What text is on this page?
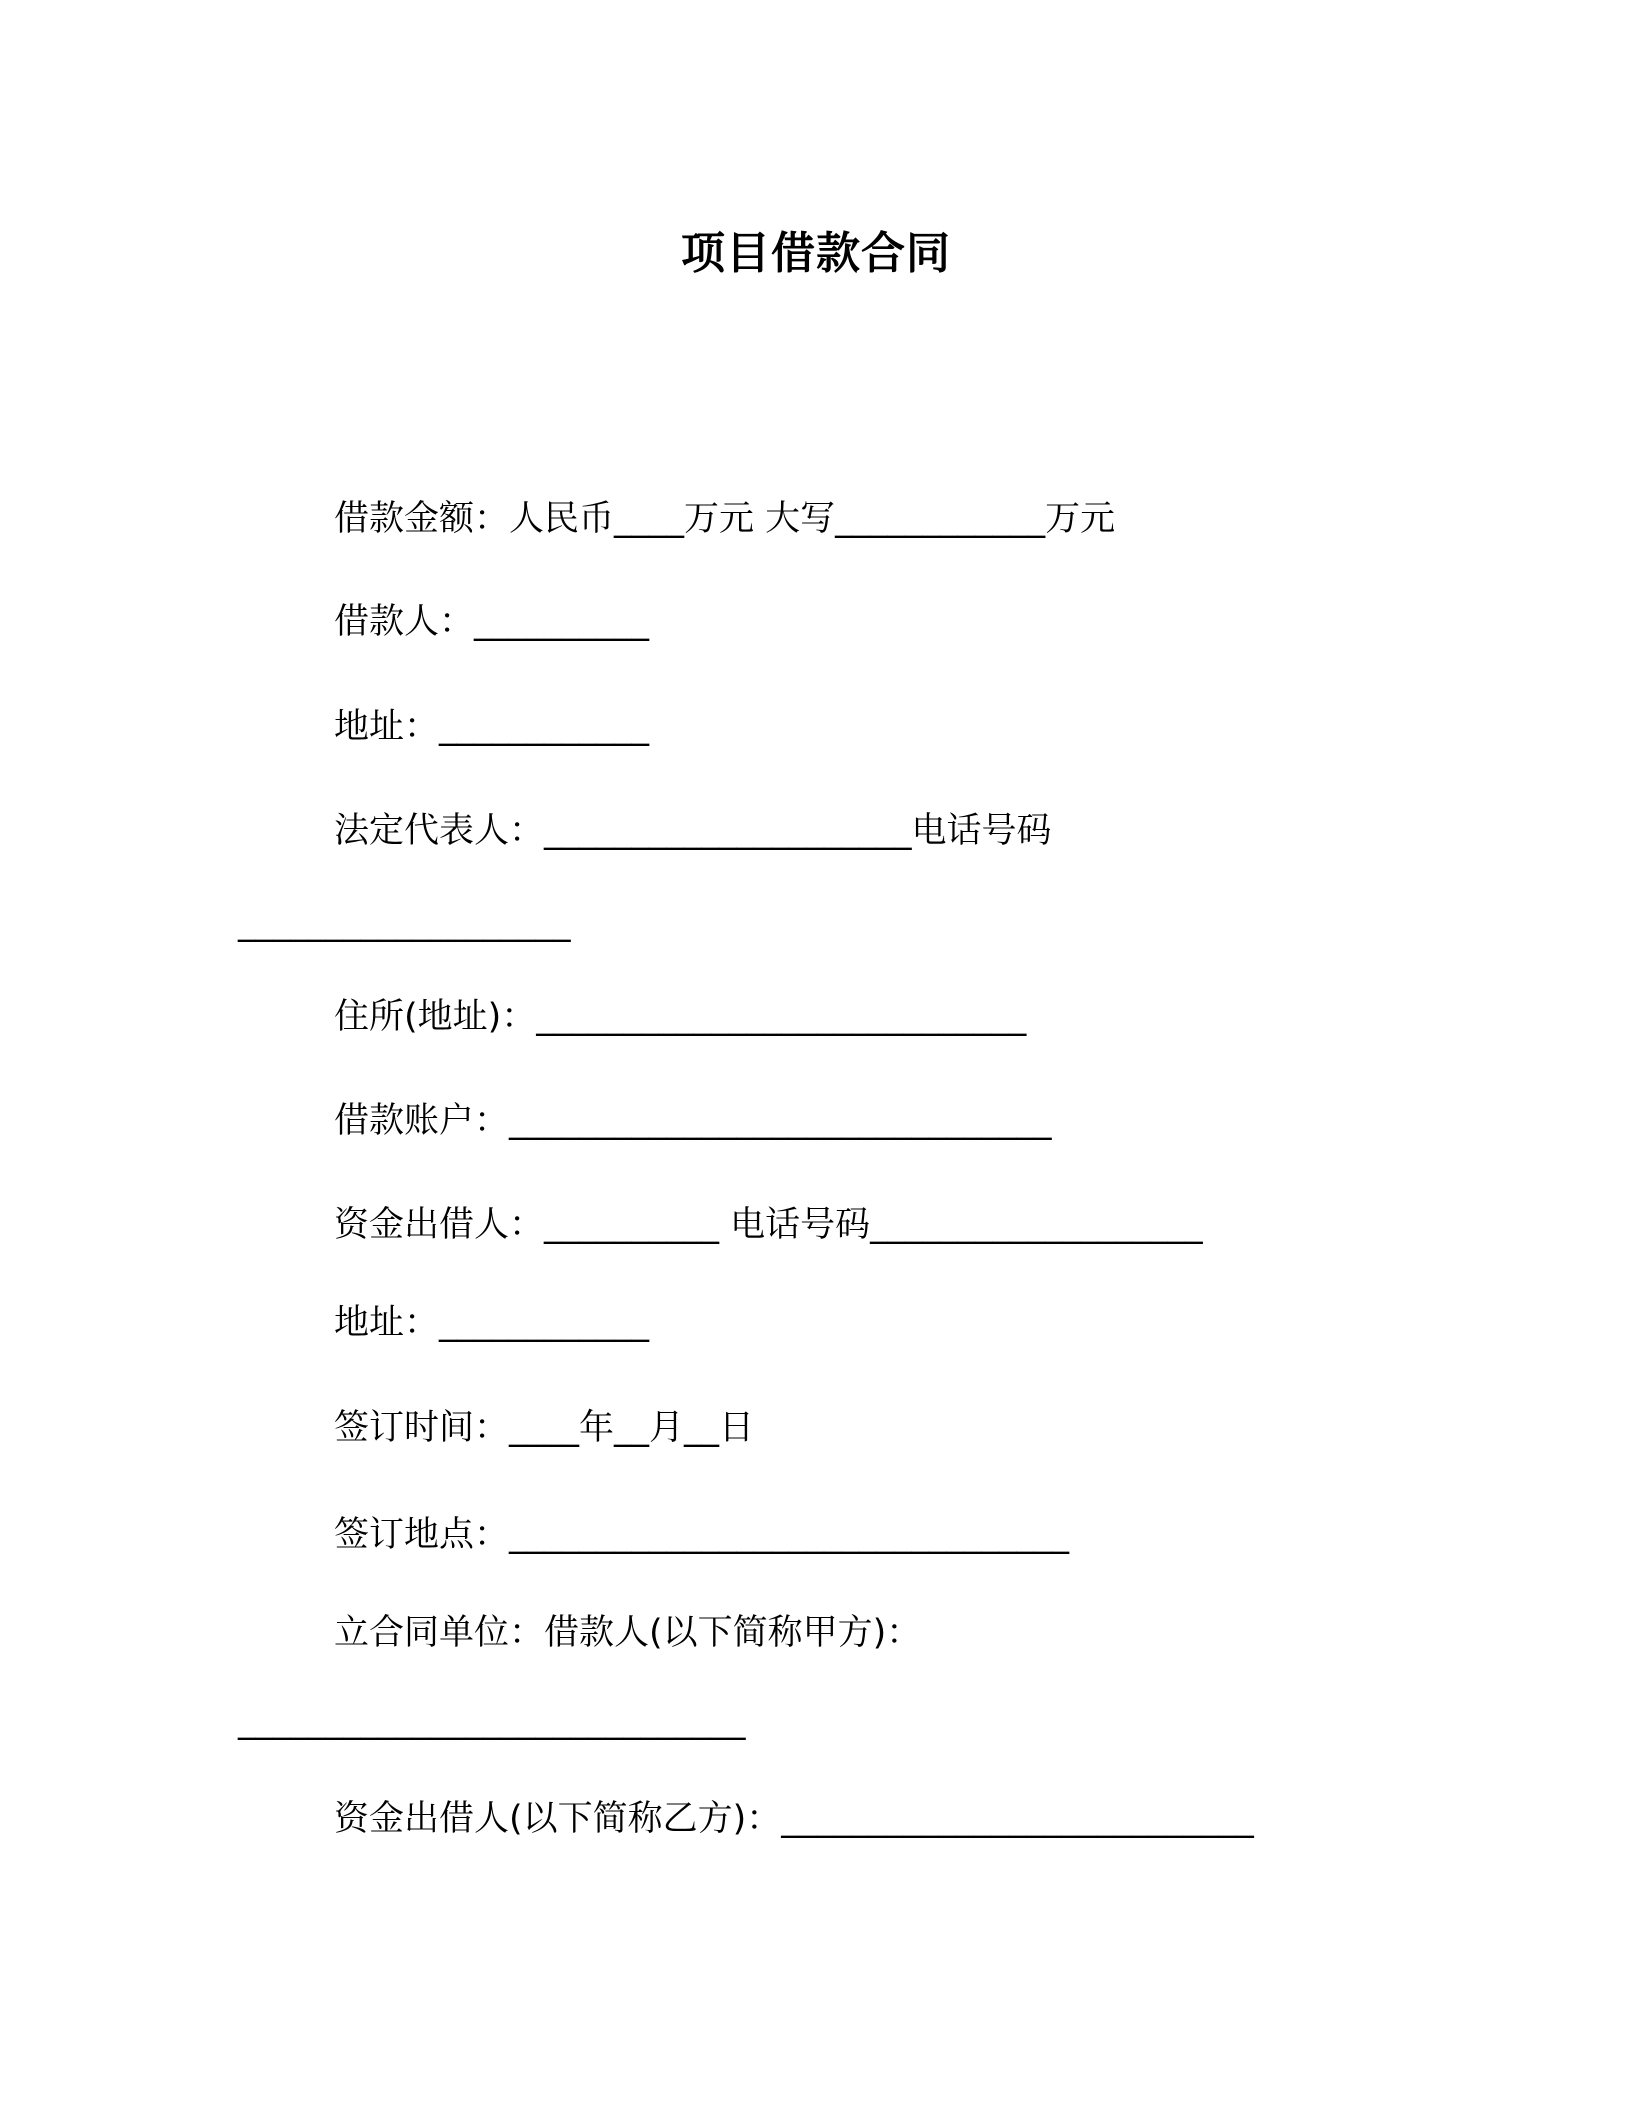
项目借款合同
借款金额：人民币____万元 大写____________万元
借款人：__________
地址：____________
法定代表人：_____________________电话号码
___________________
住所(地址)：____________________________
借款账户：_______________________________
资金出借人：__________ 电话号码___________________
地址：____________
签订时间：____年__月__日
签订地点：________________________________
立合同单位：借款人(以下简称甲方)：
_____________________________
资金出借人(以下简称乙方)：___________________________
